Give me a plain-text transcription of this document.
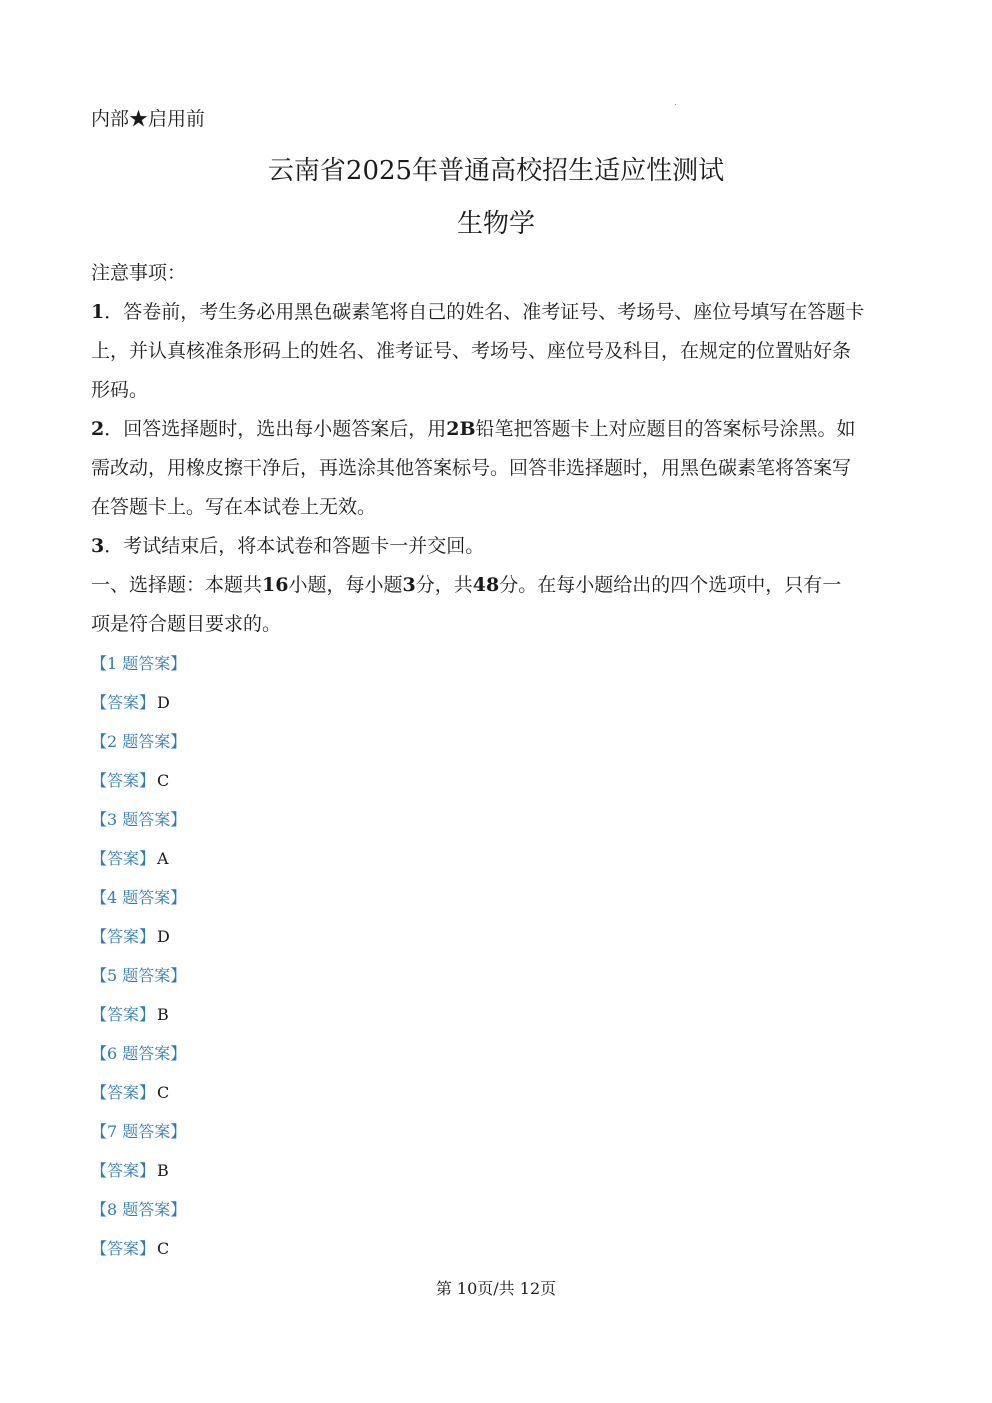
内部★启用前
云南省2025年普通高校招生适应性测试
生物学
注意事项：
1．答卷前，考生务必用黑色碳素笔将自己的姓名、准考证号、考场号、座位号填写在答题卡
上，并认真核准条形码上的姓名、准考证号、考场号、座位号及科目，在规定的位置贴好条
形码。
2．回答选择题时，选出每小题答案后，用2B铅笔把答题卡上对应题目的答案标号涂黑。如
需改动，用橡皮擦干净后，再选涂其他答案标号。回答非选择题时，用黑色碳素笔将答案写
在答题卡上。写在本试卷上无效。
3．考试结束后，将本试卷和答题卡一并交回。
一、选择题：本题共16小题，每小题3分，共48分。在每小题给出的四个选项中，只有一
项是符合题目要求的。
【1 题答案】
【答案】 D
【2 题答案】
【答案】 C
【3 题答案】
【答案】 A
【4 题答案】
【答案】 D
【5 题答案】
【答案】 B
【6 题答案】
【答案】 C
【7 题答案】
【答案】 B
【8 题答案】
【答案】 C
第 10页/共 12页
